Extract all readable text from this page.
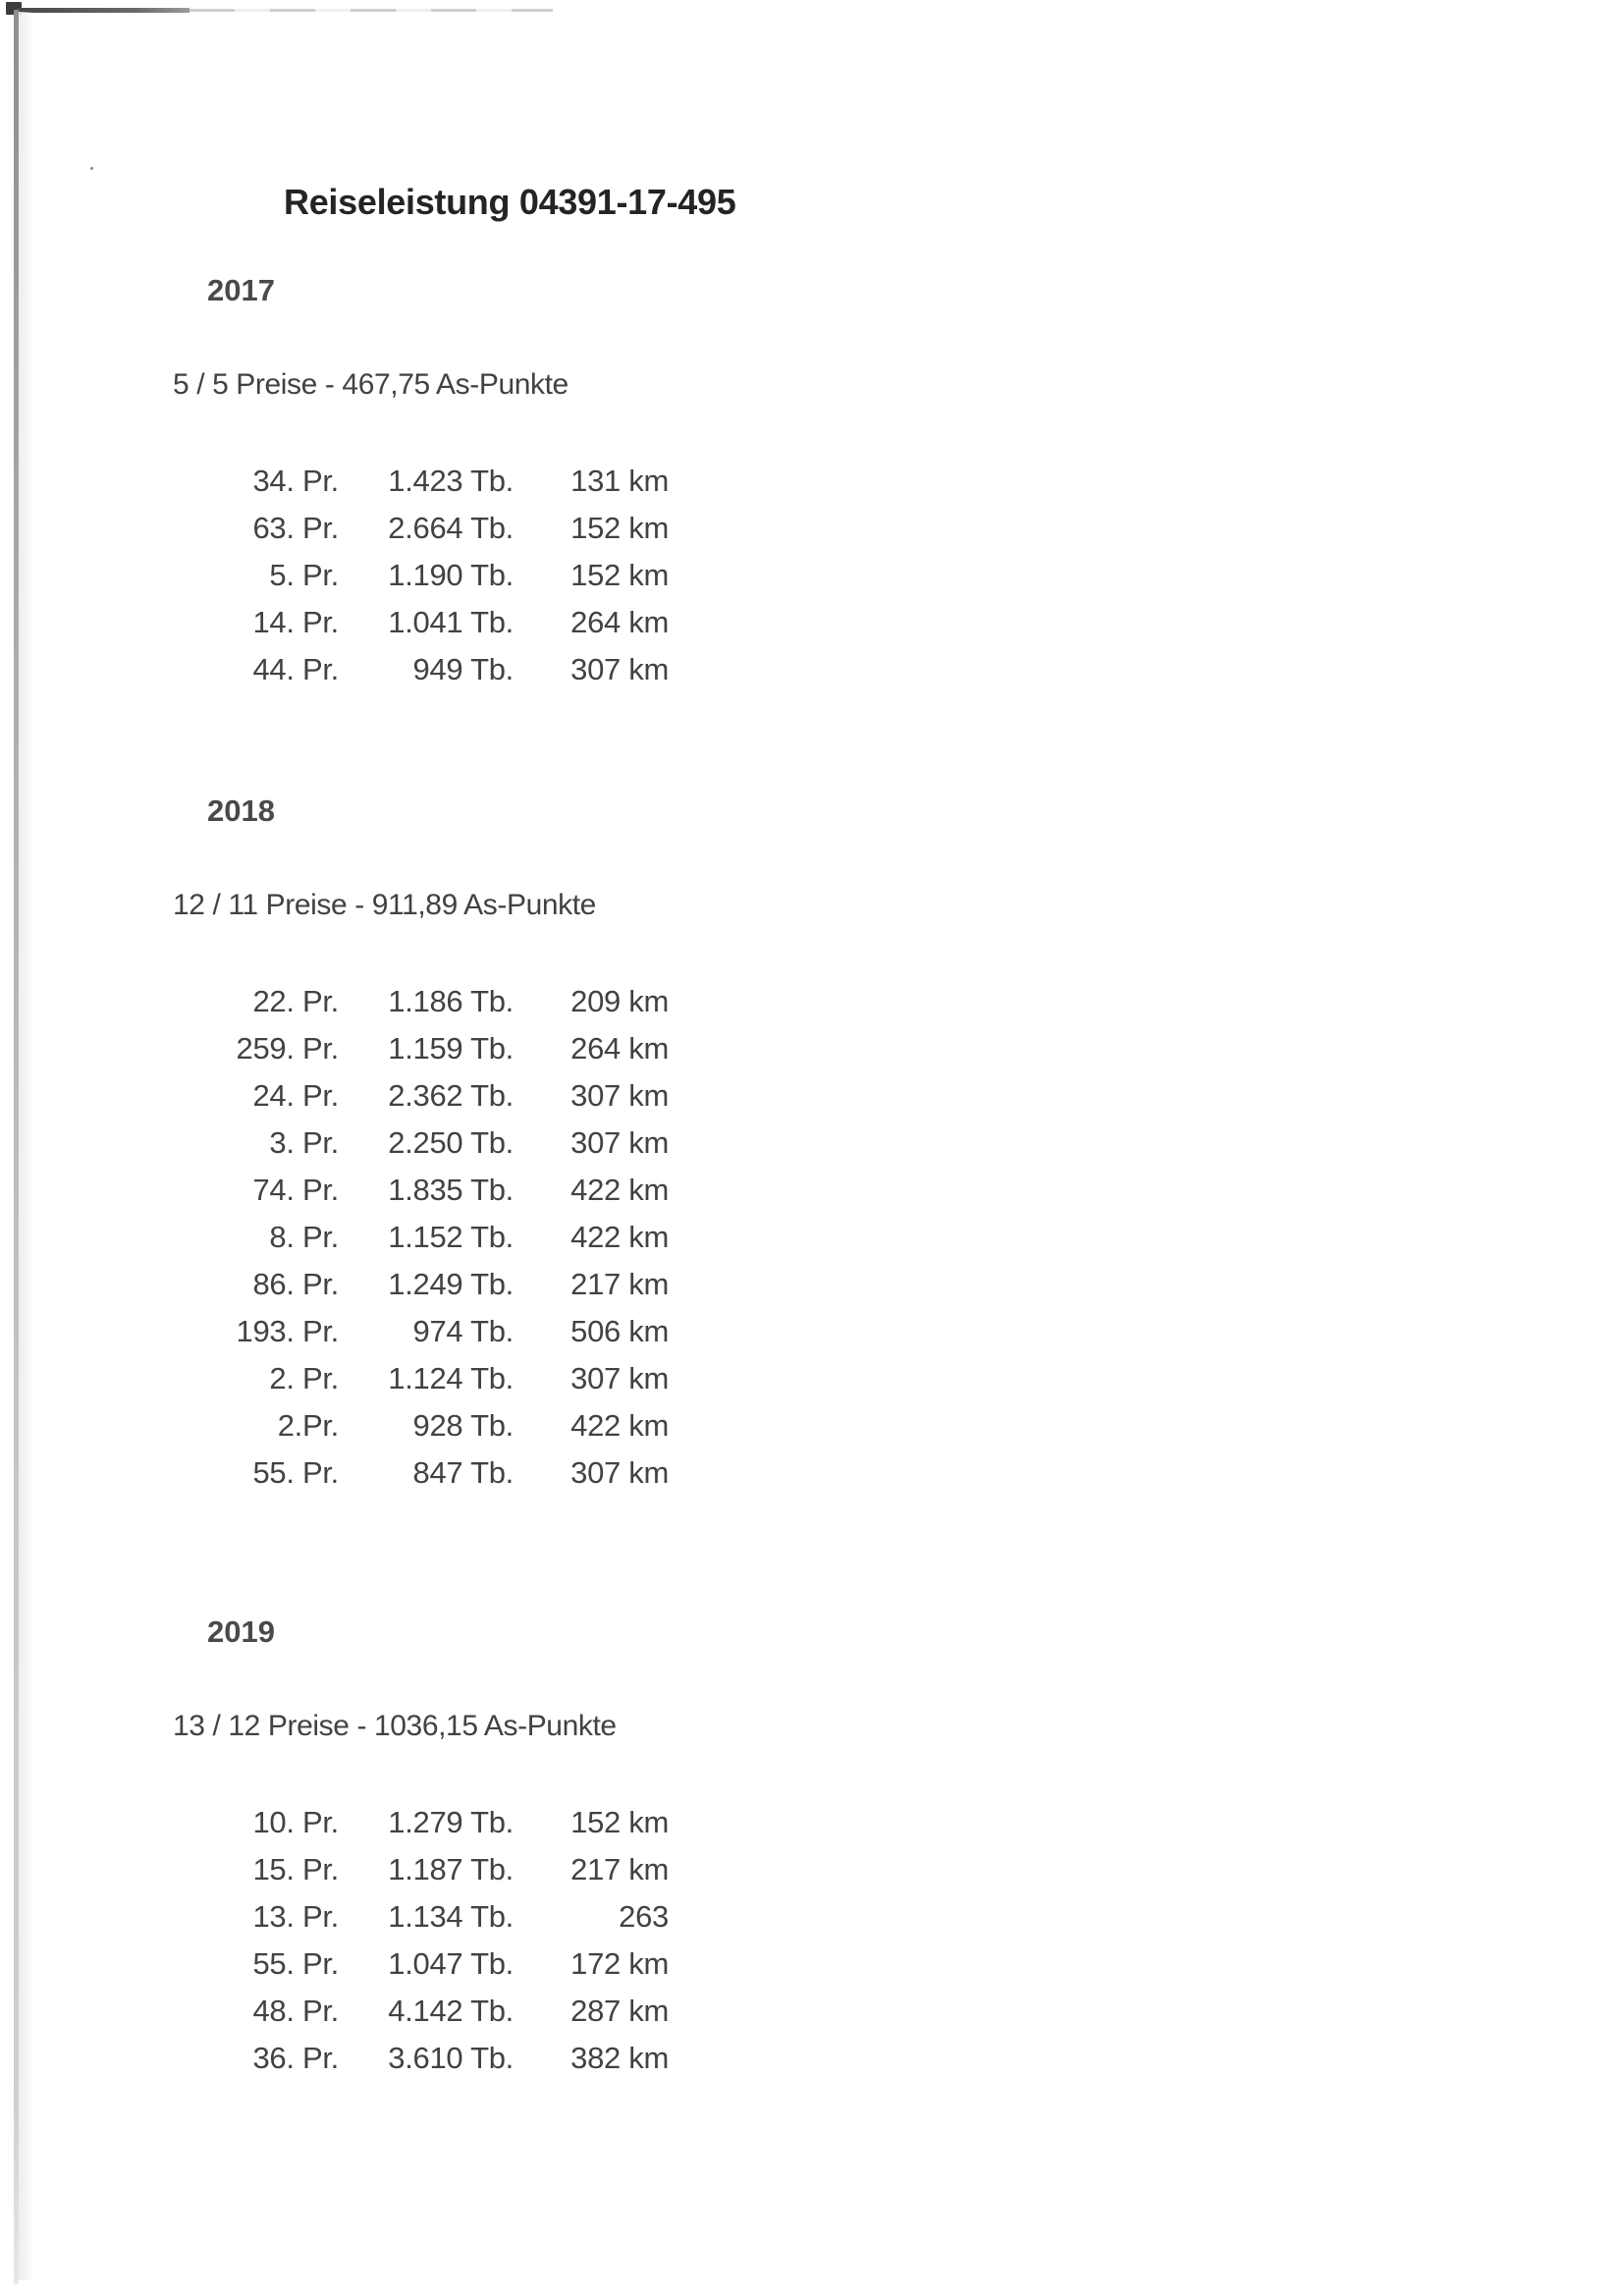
Reiseleistung 04391-17-495
2017

5 / 5 Preise - 467,75 As-Punkte

34. Pr.	1.423 Tb.	131 km
63. Pr.	2.664 Tb.	152 km
5. Pr.	1.190 Tb.	152 km
14. Pr.	1.041 Tb.	264 km
44. Pr.	949 Tb.	307 km
2018

12 / 11 Preise - 911,89 As-Punkte

22. Pr.	1.186 Tb.	209 km
259. Pr.	1.159 Tb.	264 km
24. Pr.	2.362 Tb.	307 km
3. Pr.	2.250 Tb.	307 km
74. Pr.	1.835 Tb.	422 km
8. Pr.	1.152 Tb.	422 km
86. Pr.	1.249 Tb.	217 km
193. Pr.	974 Tb.	506 km
2. Pr.	1.124 Tb.	307 km
2.Pr.	928 Tb.	422 km
55. Pr.	847 Tb.	307 km
2019

13 / 12 Preise - 1036,15 As-Punkte

10. Pr.	1.279 Tb.	152 km
15. Pr.	1.187 Tb.	217 km
13. Pr.	1.134 Tb.	263
55. Pr.	1.047 Tb.	172 km
48. Pr.	4.142 Tb.	287 km
36. Pr.	3.610 Tb.	382 km
